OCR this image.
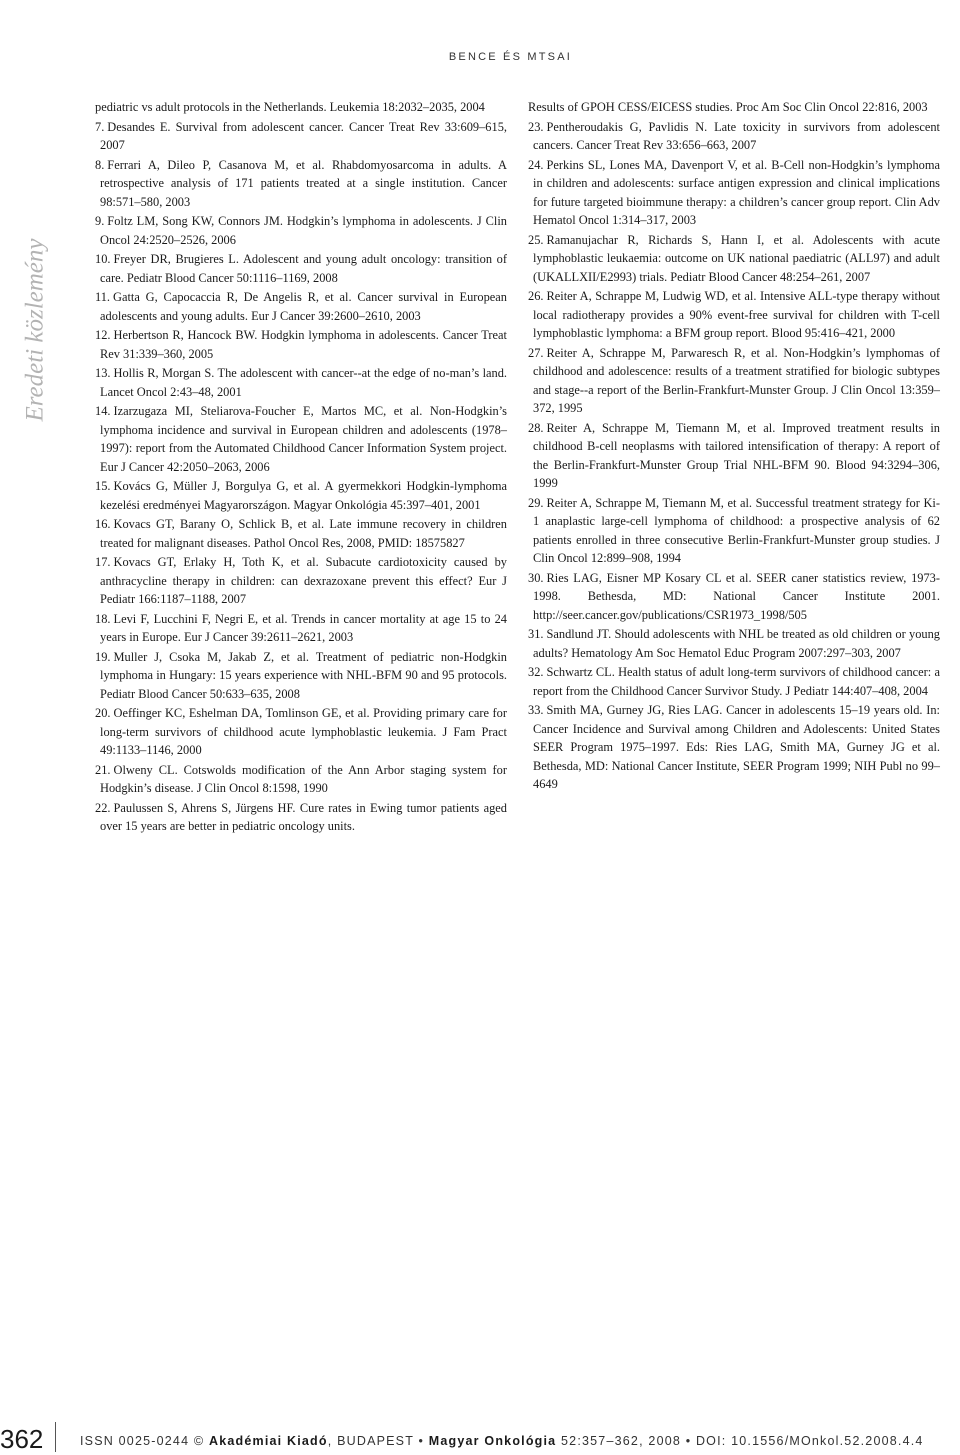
BENCE ÉS MTSAI
Eredeti közlemény
pediatric vs adult protocols in the Netherlands. Leukemia 18:2032–2035, 2004
7. Desandes E. Survival from adolescent cancer. Cancer Treat Rev 33:609–615, 2007
8. Ferrari A, Dileo P, Casanova M, et al. Rhabdomyosarcoma in adults. A retrospective analysis of 171 patients treated at a single institution. Cancer 98:571–580, 2003
9. Foltz LM, Song KW, Connors JM. Hodgkin’s lymphoma in adolescents. J Clin Oncol 24:2520–2526, 2006
10. Freyer DR, Brugieres L. Adolescent and young adult oncology: transition of care. Pediatr Blood Cancer 50:1116–1169, 2008
11. Gatta G, Capocaccia R, De Angelis R, et al. Cancer survival in European adolescents and young adults. Eur J Cancer 39:2600–2610, 2003
12. Herbertson R, Hancock BW. Hodgkin lymphoma in adolescents. Cancer Treat Rev 31:339–360, 2005
13. Hollis R, Morgan S. The adolescent with cancer--at the edge of no-man’s land. Lancet Oncol 2:43–48, 2001
14. Izarzugaza MI, Steliarova-Foucher E, Martos MC, et al. Non-Hodgkin’s lymphoma incidence and survival in European children and adolescents (1978–1997): report from the Automated Childhood Cancer Information System project. Eur J Cancer 42:2050–2063, 2006
15. Kovács G, Müller J, Borgulya G, et al. A gyermekkori Hodgkin-lymphoma kezelési eredményei Magyarországon. Magyar Onkológia 45:397–401, 2001
16. Kovacs GT, Barany O, Schlick B, et al. Late immune recovery in children treated for malignant diseases. Pathol Oncol Res, 2008, PMID: 18575827
17. Kovacs GT, Erlaky H, Toth K, et al. Subacute cardiotoxicity caused by anthracycline therapy in children: can dexrazoxane prevent this effect? Eur J Pediatr 166:1187–1188, 2007
18. Levi F, Lucchini F, Negri E, et al. Trends in cancer mortality at age 15 to 24 years in Europe. Eur J Cancer 39:2611–2621, 2003
19. Muller J, Csoka M, Jakab Z, et al. Treatment of pediatric non-Hodgkin lymphoma in Hungary: 15 years experience with NHL-BFM 90 and 95 protocols. Pediatr Blood Cancer 50:633–635, 2008
20. Oeffinger KC, Eshelman DA, Tomlinson GE, et al. Providing primary care for long-term survivors of childhood acute lymphoblastic leukemia. J Fam Pract 49:1133–1146, 2000
21. Olweny CL. Cotswolds modification of the Ann Arbor staging system for Hodgkin’s disease. J Clin Oncol 8:1598, 1990
22. Paulussen S, Ahrens S, Jürgens HF. Cure rates in Ewing tumor patients aged over 15 years are better in pediatric oncology units.
Results of GPOH CESS/EICESS studies. Proc Am Soc Clin Oncol 22:816, 2003
23. Pentheroudakis G, Pavlidis N. Late toxicity in survivors from adolescent cancers. Cancer Treat Rev 33:656–663, 2007
24. Perkins SL, Lones MA, Davenport V, et al. B-Cell non-Hodgkin’s lymphoma in children and adolescents: surface antigen expression and clinical implications for future targeted bioimmune therapy: a children’s cancer group report. Clin Adv Hematol Oncol 1:314–317, 2003
25. Ramanujachar R, Richards S, Hann I, et al. Adolescents with acute lymphoblastic leukaemia: outcome on UK national paediatric (ALL97) and adult (UKALLXII/E2993) trials. Pediatr Blood Cancer 48:254–261, 2007
26. Reiter A, Schrappe M, Ludwig WD, et al. Intensive ALL-type therapy without local radiotherapy provides a 90% event-free survival for children with T-cell lymphoblastic lymphoma: a BFM group report. Blood 95:416–421, 2000
27. Reiter A, Schrappe M, Parwaresch R, et al. Non-Hodgkin’s lymphomas of childhood and adolescence: results of a treatment stratified for biologic subtypes and stage--a report of the Berlin-Frankfurt-Munster Group. J Clin Oncol 13:359–372, 1995
28. Reiter A, Schrappe M, Tiemann M, et al. Improved treatment results in childhood B-cell neoplasms with tailored intensification of therapy: A report of the Berlin-Frankfurt-Munster Group Trial NHL-BFM 90. Blood 94:3294–306, 1999
29. Reiter A, Schrappe M, Tiemann M, et al. Successful treatment strategy for Ki-1 anaplastic large-cell lymphoma of childhood: a prospective analysis of 62 patients enrolled in three consecutive Berlin-Frankfurt-Munster group studies. J Clin Oncol 12:899–908, 1994
30. Ries LAG, Eisner MP Kosary CL et al. SEER caner statistics review, 1973-1998. Bethesda, MD: National Cancer Institute 2001. http://seer.cancer.gov/publications/CSR1973_1998/505
31. Sandlund JT. Should adolescents with NHL be treated as old children or young adults? Hematology Am Soc Hematol Educ Program 2007:297–303, 2007
32. Schwartz CL. Health status of adult long-term survivors of childhood cancer: a report from the Childhood Cancer Survivor Study. J Pediatr 144:407–408, 2004
33. Smith MA, Gurney JG, Ries LAG. Cancer in adolescents 15–19 years old. In: Cancer Incidence and Survival among Children and Adolescents: United States SEER Program 1975–1997. Eds: Ries LAG, Smith MA, Gurney JG et al. Bethesda, MD: National Cancer Institute, SEER Program 1999; NIH Publ no 99–4649
362	ISSN 0025-0244 © Akadémiai Kiadó, BUDAPEST • Magyar Onkológia 52:357–362, 2008 • DOI: 10.1556/MOnkol.52.2008.4.4
